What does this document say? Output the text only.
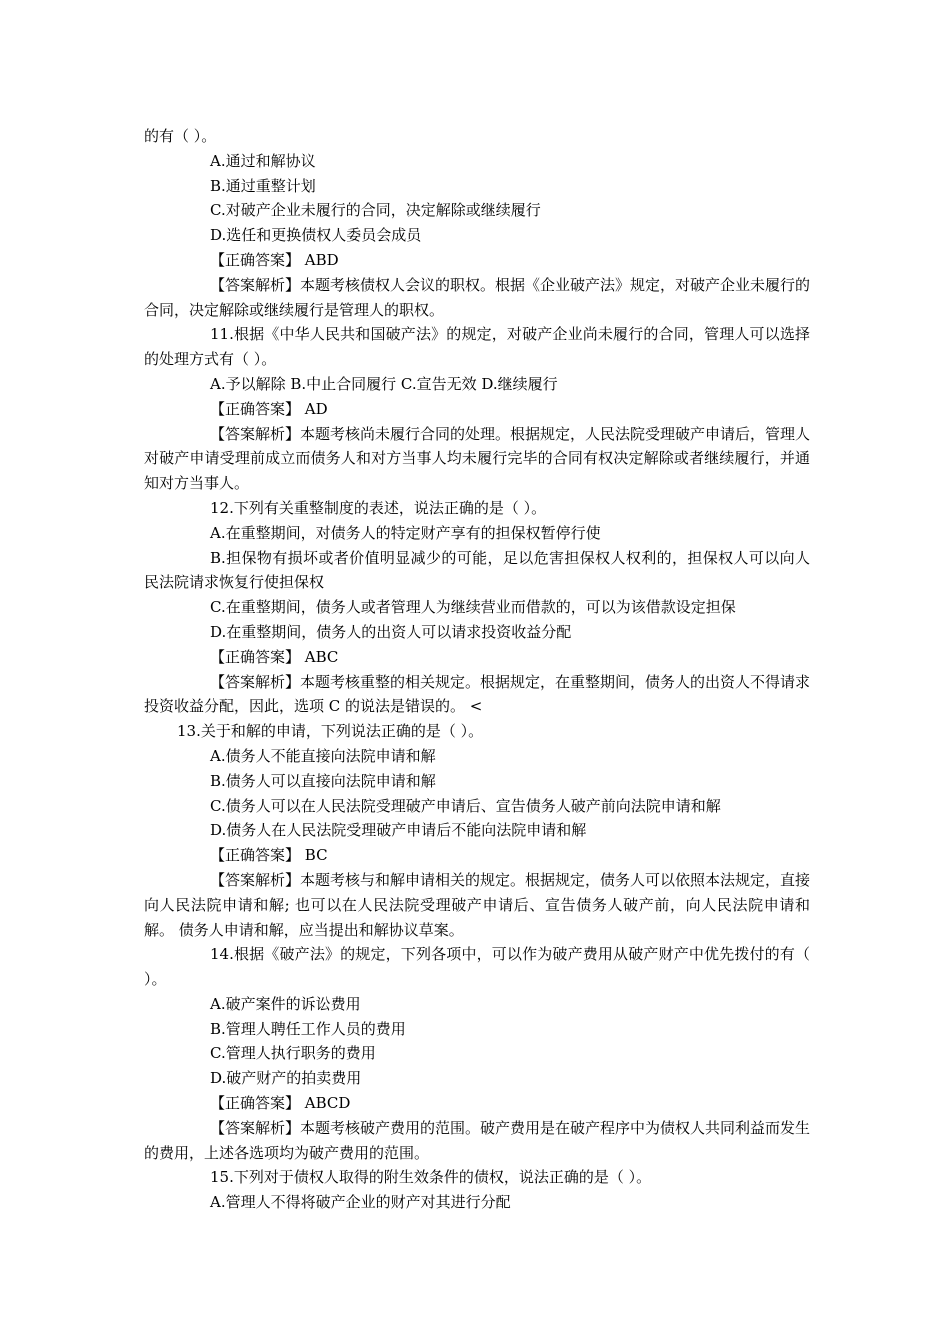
的有（ ）。
A.通过和解协议
B.通过重整计划
C.对破产企业未履行的合同，决定解除或继续履行
D.选任和更换债权人委员会成员
【正确答案】 ABD
【答案解析】本题考核债权人会议的职权。根据《企业破产法》规定，对破产企业未履行的合同，决定解除或继续履行是管理人的职权。
11.根据《中华人民共和国破产法》的规定，对破产企业尚未履行的合同，管理人可以选择的处理方式有（ ）。
A.予以解除 B.中止合同履行 C.宣告无效 D.继续履行
【正确答案】 AD
【答案解析】本题考核尚未履行合同的处理。根据规定，人民法院受理破产申请后，管理人对破产申请受理前成立而债务人和对方当事人均未履行完毕的合同有权决定解除或者继续履行，并通知对方当事人。
12.下列有关重整制度的表述，说法正确的是（ ）。
A.在重整期间，对债务人的特定财产享有的担保权暂停行使
B.担保物有损坏或者价值明显减少的可能，足以危害担保权人权利的，担保权人可以向人民法院请求恢复行使担保权
C.在重整期间，债务人或者管理人为继续营业而借款的，可以为该借款设定担保
D.在重整期间，债务人的出资人可以请求投资收益分配
【正确答案】 ABC
【答案解析】本题考核重整的相关规定。根据规定，在重整期间，债务人的出资人不得请求投资收益分配，因此，选项 C 的说法是错误的。 <
13.关于和解的申请，下列说法正确的是（ ）。
A.债务人不能直接向法院申请和解
B.债务人可以直接向法院申请和解
C.债务人可以在人民法院受理破产申请后、宣告债务人破产前向法院申请和解
D.债务人在人民法院受理破产申请后不能向法院申请和解
【正确答案】 BC
【答案解析】本题考核与和解申请相关的规定。根据规定，债务人可以依照本法规定，直接向人民法院申请和解; 也可以在人民法院受理破产申请后、宣告债务人破产前，向人民法院申请和解。 债务人申请和解，应当提出和解协议草案。
14.根据《破产法》的规定，下列各项中，可以作为破产费用从破产财产中优先拨付的有（ ）。
A.破产案件的诉讼费用
B.管理人聘任工作人员的费用
C.管理人执行职务的费用
D.破产财产的拍卖费用
【正确答案】 ABCD
【答案解析】本题考核破产费用的范围。破产费用是在破产程序中为债权人共同利益而发生的费用，上述各选项均为破产费用的范围。
15.下列对于债权人取得的附生效条件的债权，说法正确的是（ ）。
A.管理人不得将破产企业的财产对其进行分配
